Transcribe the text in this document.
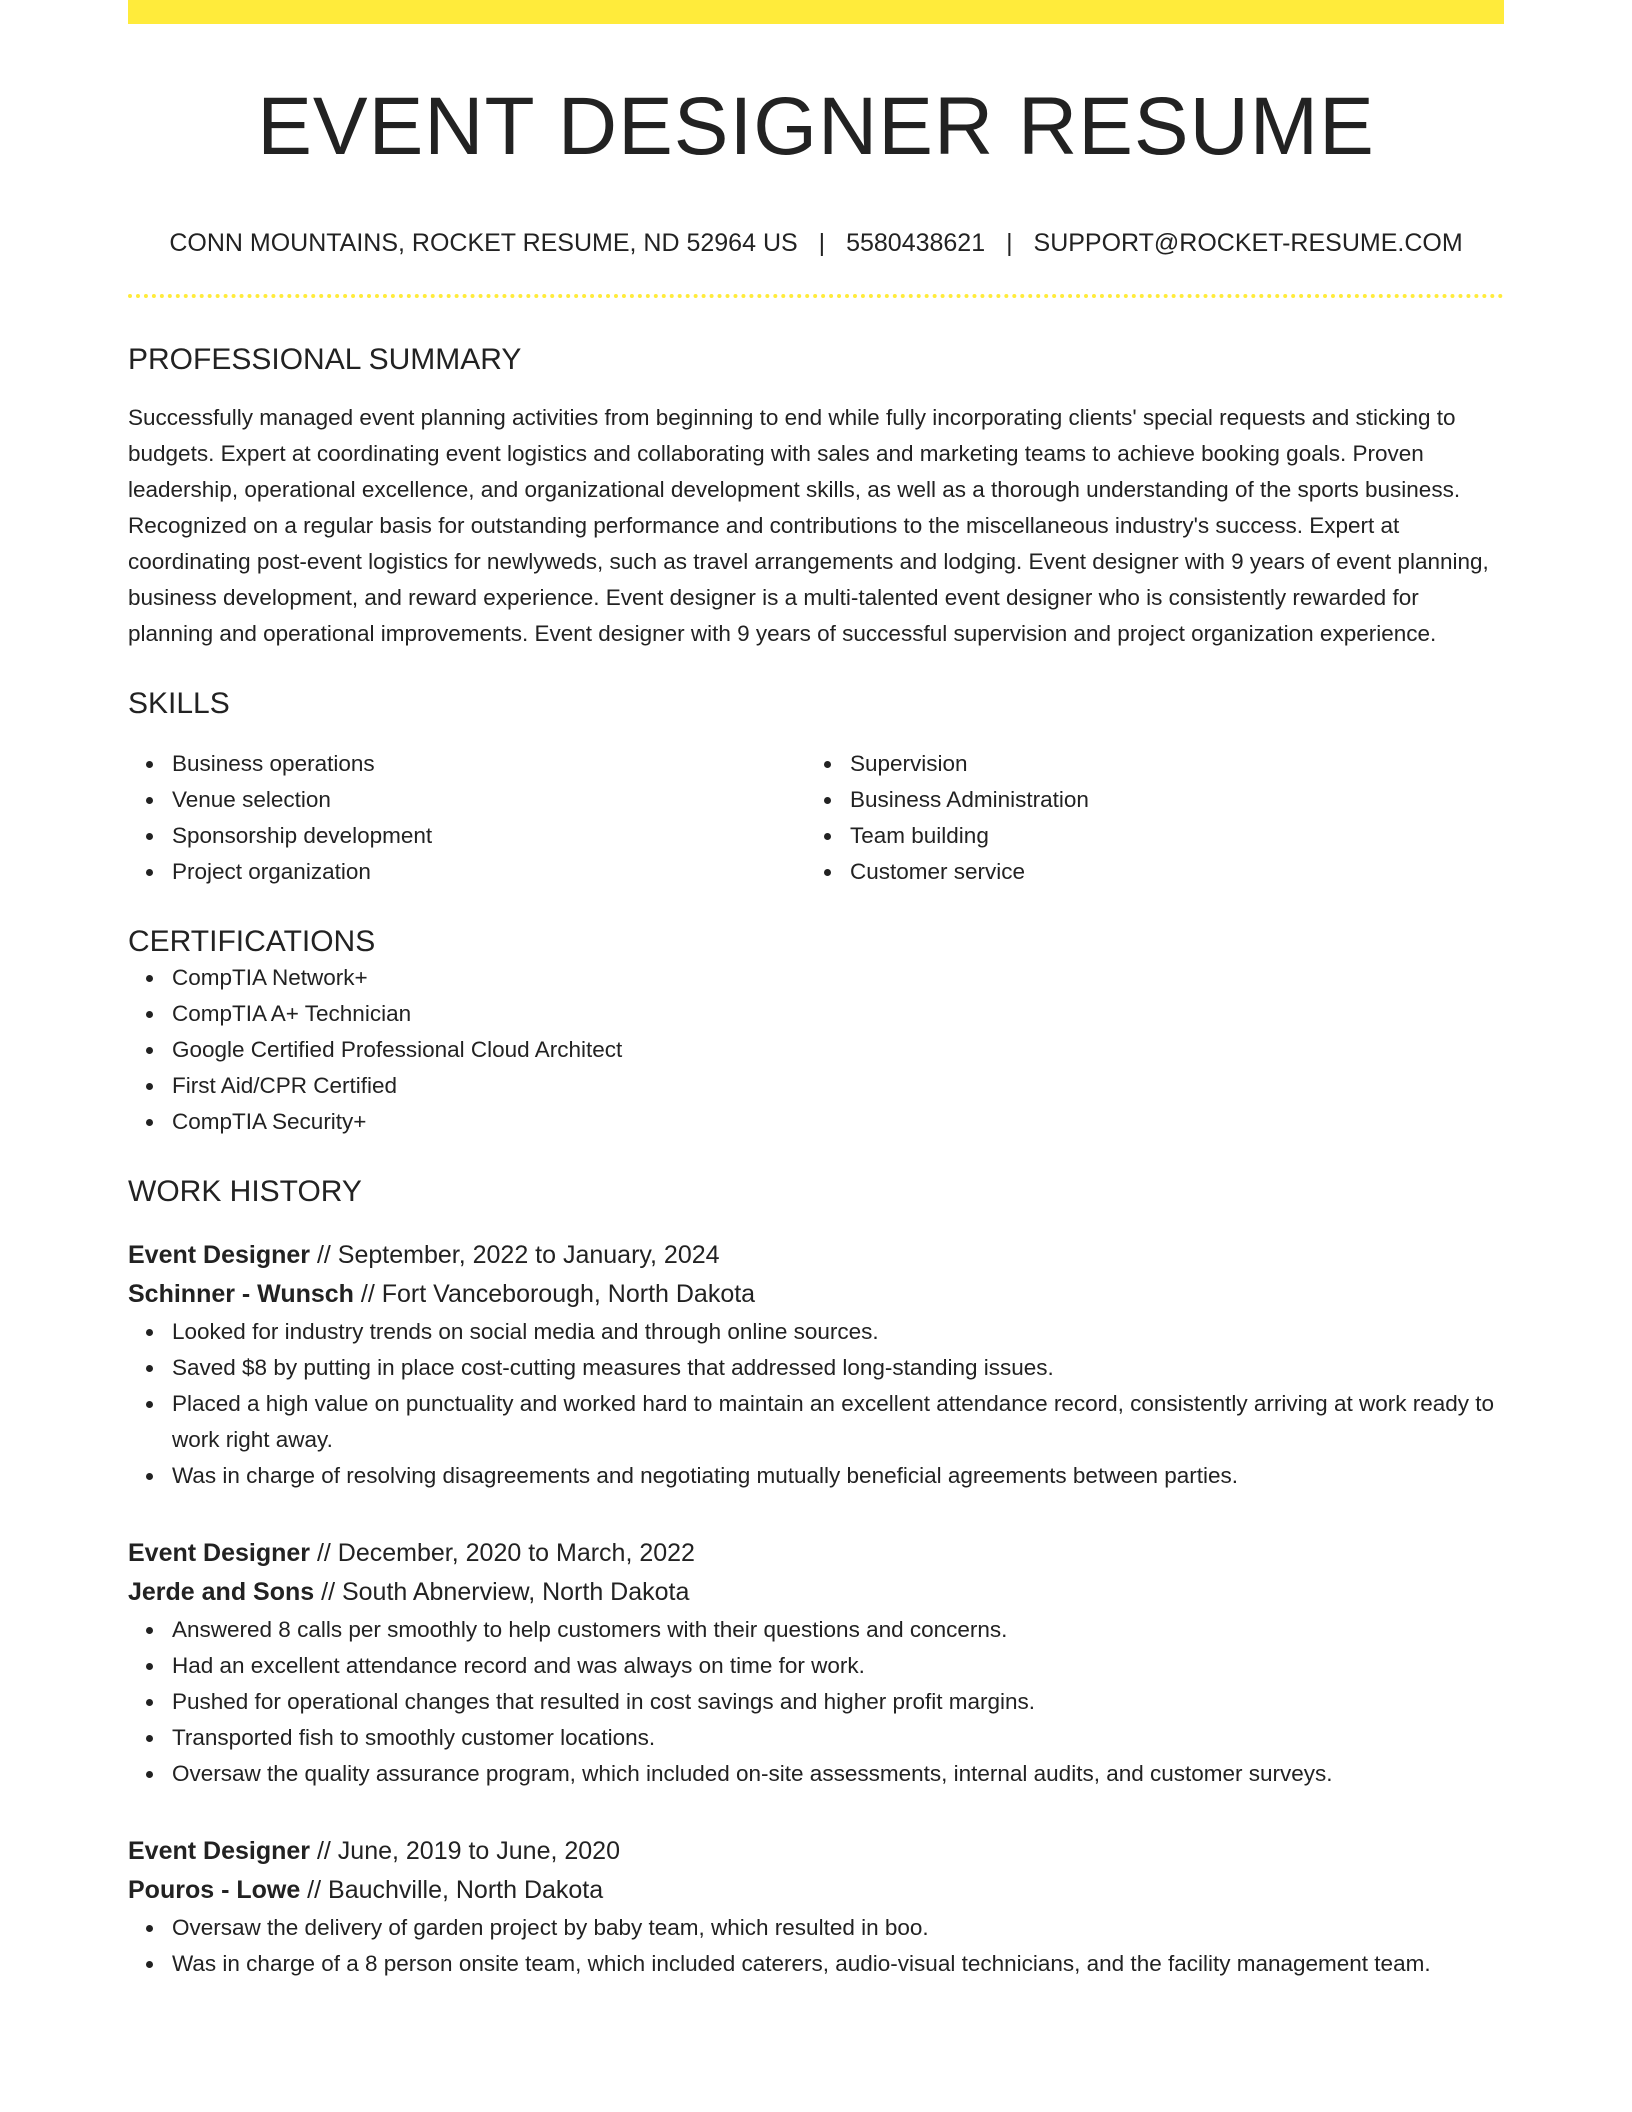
EVENT DESIGNER RESUME
CONN MOUNTAINS, ROCKET RESUME, ND 52964 US | 5580438621 | SUPPORT@ROCKET-RESUME.COM
PROFESSIONAL SUMMARY

Successfully managed event planning activities from beginning to end while fully incorporating clients' special requests and sticking to budgets. Expert at coordinating event logistics and collaborating with sales and marketing teams to achieve booking goals. Proven leadership, operational excellence, and organizational development skills, as well as a thorough understanding of the sports business. Recognized on a regular basis for outstanding performance and contributions to the miscellaneous industry's success. Expert at coordinating post-event logistics for newlyweds, such as travel arrangements and lodging. Event designer with 9 years of event planning, business development, and reward experience. Event designer is a multi-talented event designer who is consistently rewarded for planning and operational improvements. Event designer with 9 years of successful supervision and project organization experience.

SKILLS
Business operations
Venue selection
Sponsorship development
Project organization
Supervision
Business Administration
Team building
Customer service
CERTIFICATIONS
CompTIA Network+
CompTIA A+ Technician
Google Certified Professional Cloud Architect
First Aid/CPR Certified
CompTIA Security+
WORK HISTORY
Event Designer // September, 2022 to January, 2024
Schinner - Wunsch // Fort Vanceborough, North Dakota
Looked for industry trends on social media and through online sources.
Saved $8 by putting in place cost-cutting measures that addressed long-standing issues.
Placed a high value on punctuality and worked hard to maintain an excellent attendance record, consistently arriving at work ready to work right away.
Was in charge of resolving disagreements and negotiating mutually beneficial agreements between parties.
Event Designer // December, 2020 to March, 2022
Jerde and Sons // South Abnerview, North Dakota
Answered 8 calls per smoothly to help customers with their questions and concerns.
Had an excellent attendance record and was always on time for work.
Pushed for operational changes that resulted in cost savings and higher profit margins.
Transported fish to smoothly customer locations.
Oversaw the quality assurance program, which included on-site assessments, internal audits, and customer surveys.
Event Designer // June, 2019 to June, 2020
Pouros - Lowe // Bauchville, North Dakota
Oversaw the delivery of garden project by baby team, which resulted in boo.
Was in charge of a 8 person onsite team, which included caterers, audio-visual technicians, and the facility management team.
